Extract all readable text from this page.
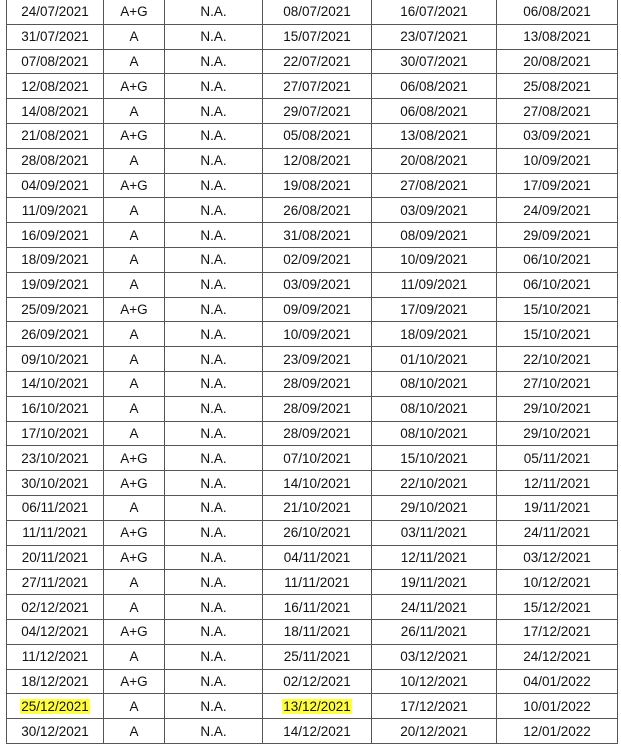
24/07/2021	A+G	N.A.	08/07/2021	16/07/2021	06/08/2021
31/07/2021	A	N.A.	15/07/2021	23/07/2021	13/08/2021
07/08/2021	A	N.A.	22/07/2021	30/07/2021	20/08/2021
12/08/2021	A+G	N.A.	27/07/2021	06/08/2021	25/08/2021
14/08/2021	A	N.A.	29/07/2021	06/08/2021	27/08/2021
21/08/2021	A+G	N.A.	05/08/2021	13/08/2021	03/09/2021
28/08/2021	A	N.A.	12/08/2021	20/08/2021	10/09/2021
04/09/2021	A+G	N.A.	19/08/2021	27/08/2021	17/09/2021
11/09/2021	A	N.A.	26/08/2021	03/09/2021	24/09/2021
16/09/2021	A	N.A.	31/08/2021	08/09/2021	29/09/2021
18/09/2021	A	N.A.	02/09/2021	10/09/2021	06/10/2021
19/09/2021	A	N.A.	03/09/2021	11/09/2021	06/10/2021
25/09/2021	A+G	N.A.	09/09/2021	17/09/2021	15/10/2021
26/09/2021	A	N.A.	10/09/2021	18/09/2021	15/10/2021
09/10/2021	A	N.A.	23/09/2021	01/10/2021	22/10/2021
14/10/2021	A	N.A.	28/09/2021	08/10/2021	27/10/2021
16/10/2021	A	N.A.	28/09/2021	08/10/2021	29/10/2021
17/10/2021	A	N.A.	28/09/2021	08/10/2021	29/10/2021
23/10/2021	A+G	N.A.	07/10/2021	15/10/2021	05/11/2021
30/10/2021	A+G	N.A.	14/10/2021	22/10/2021	12/11/2021
06/11/2021	A	N.A.	21/10/2021	29/10/2021	19/11/2021
11/11/2021	A+G	N.A.	26/10/2021	03/11/2021	24/11/2021
20/11/2021	A+G	N.A.	04/11/2021	12/11/2021	03/12/2021
27/11/2021	A	N.A.	11/11/2021	19/11/2021	10/12/2021
02/12/2021	A	N.A.	16/11/2021	24/11/2021	15/12/2021
04/12/2021	A+G	N.A.	18/11/2021	26/11/2021	17/12/2021
11/12/2021	A	N.A.	25/11/2021	03/12/2021	24/12/2021
18/12/2021	A+G	N.A.	02/12/2021	10/12/2021	04/01/2022
25/12/2021	A	N.A.	13/12/2021	17/12/2021	10/01/2022
30/12/2021	A	N.A.	14/12/2021	20/12/2021	12/01/2022
